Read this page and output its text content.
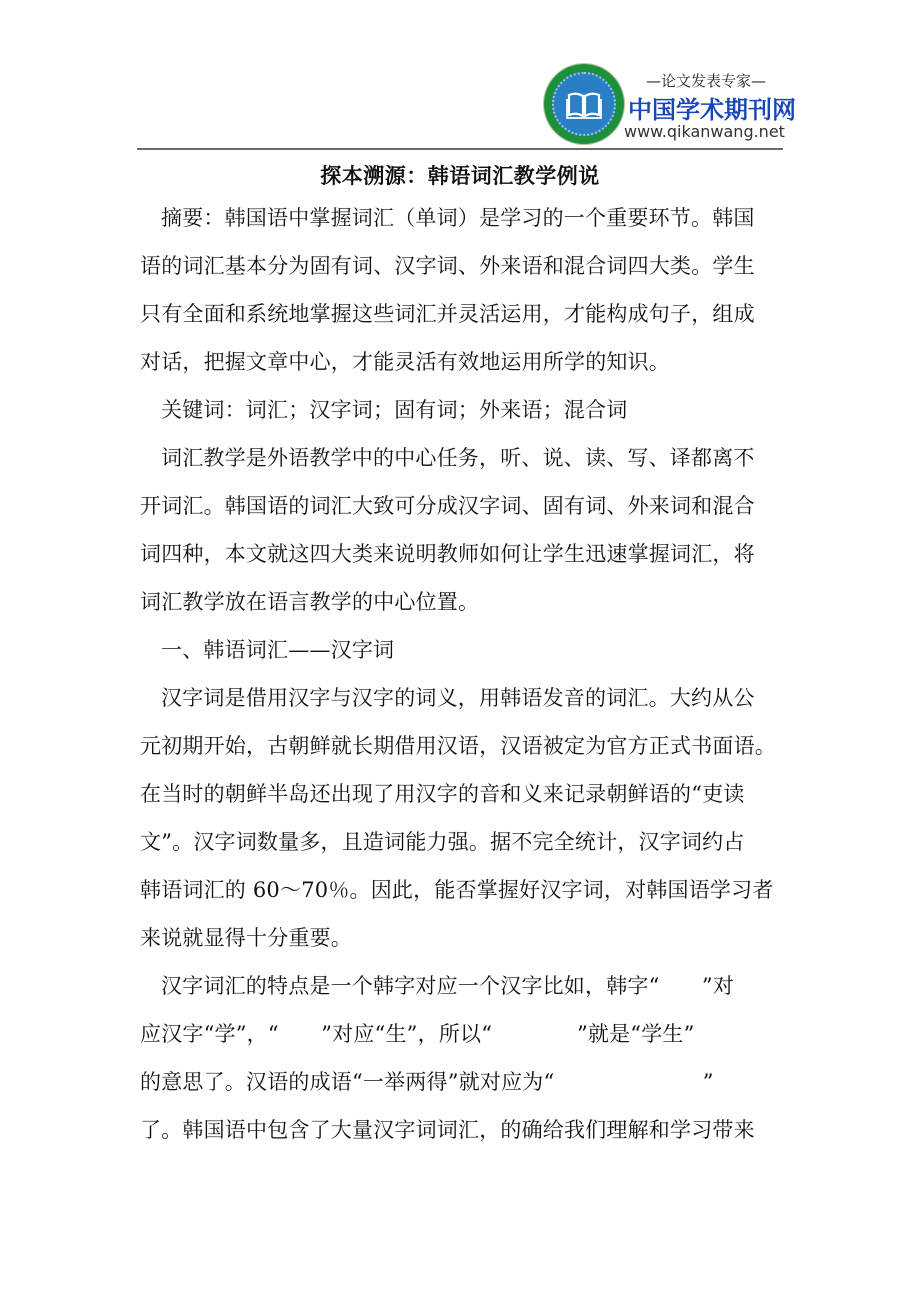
—论文发表专家—
中国学术期刊网
www.qikanwang.net
探本溯源：韩语词汇教学例说
摘要：韩国语中掌握词汇（单词）是学习的一个重要环节。韩国
语的词汇基本分为固有词、汉字词、外来语和混合词四大类。学生
只有全面和系统地掌握这些词汇并灵活运用，才能构成句子，组成
对话，把握文章中心，才能灵活有效地运用所学的知识。
关键词：词汇；汉字词；固有词；外来语；混合词
词汇教学是外语教学中的中心任务，听、说、读、写、译都离不
开词汇。韩国语的词汇大致可分成汉字词、固有词、外来词和混合
词四种，本文就这四大类来说明教师如何让学生迅速掌握词汇，将
词汇教学放在语言教学的中心位置。
一、韩语词汇——汉字词
汉字词是借用汉字与汉字的词义，用韩语发音的词汇。大约从公
元初期开始，古朝鲜就长期借用汉语，汉语被定为官方正式书面语。
在当时的朝鲜半岛还出现了用汉字的音和义来记录朝鲜语的“吏读
文”。汉字词数量多，且造词能力强。据不完全统计，汉字词约占
韩语词汇的 60～70％。因此，能否掌握好汉字词，对韩国语学习者
来说就显得十分重要。
汉字词汇的特点是一个韩字对应一个汉字比如，韩字“　　”对
应汉字“学”，“　　”对应“生”，所以“　　　　”就是“学生”
的意思了。汉语的成语“一举两得”就对应为“　　　　　　　”
了。韩国语中包含了大量汉字词词汇，的确给我们理解和学习带来
